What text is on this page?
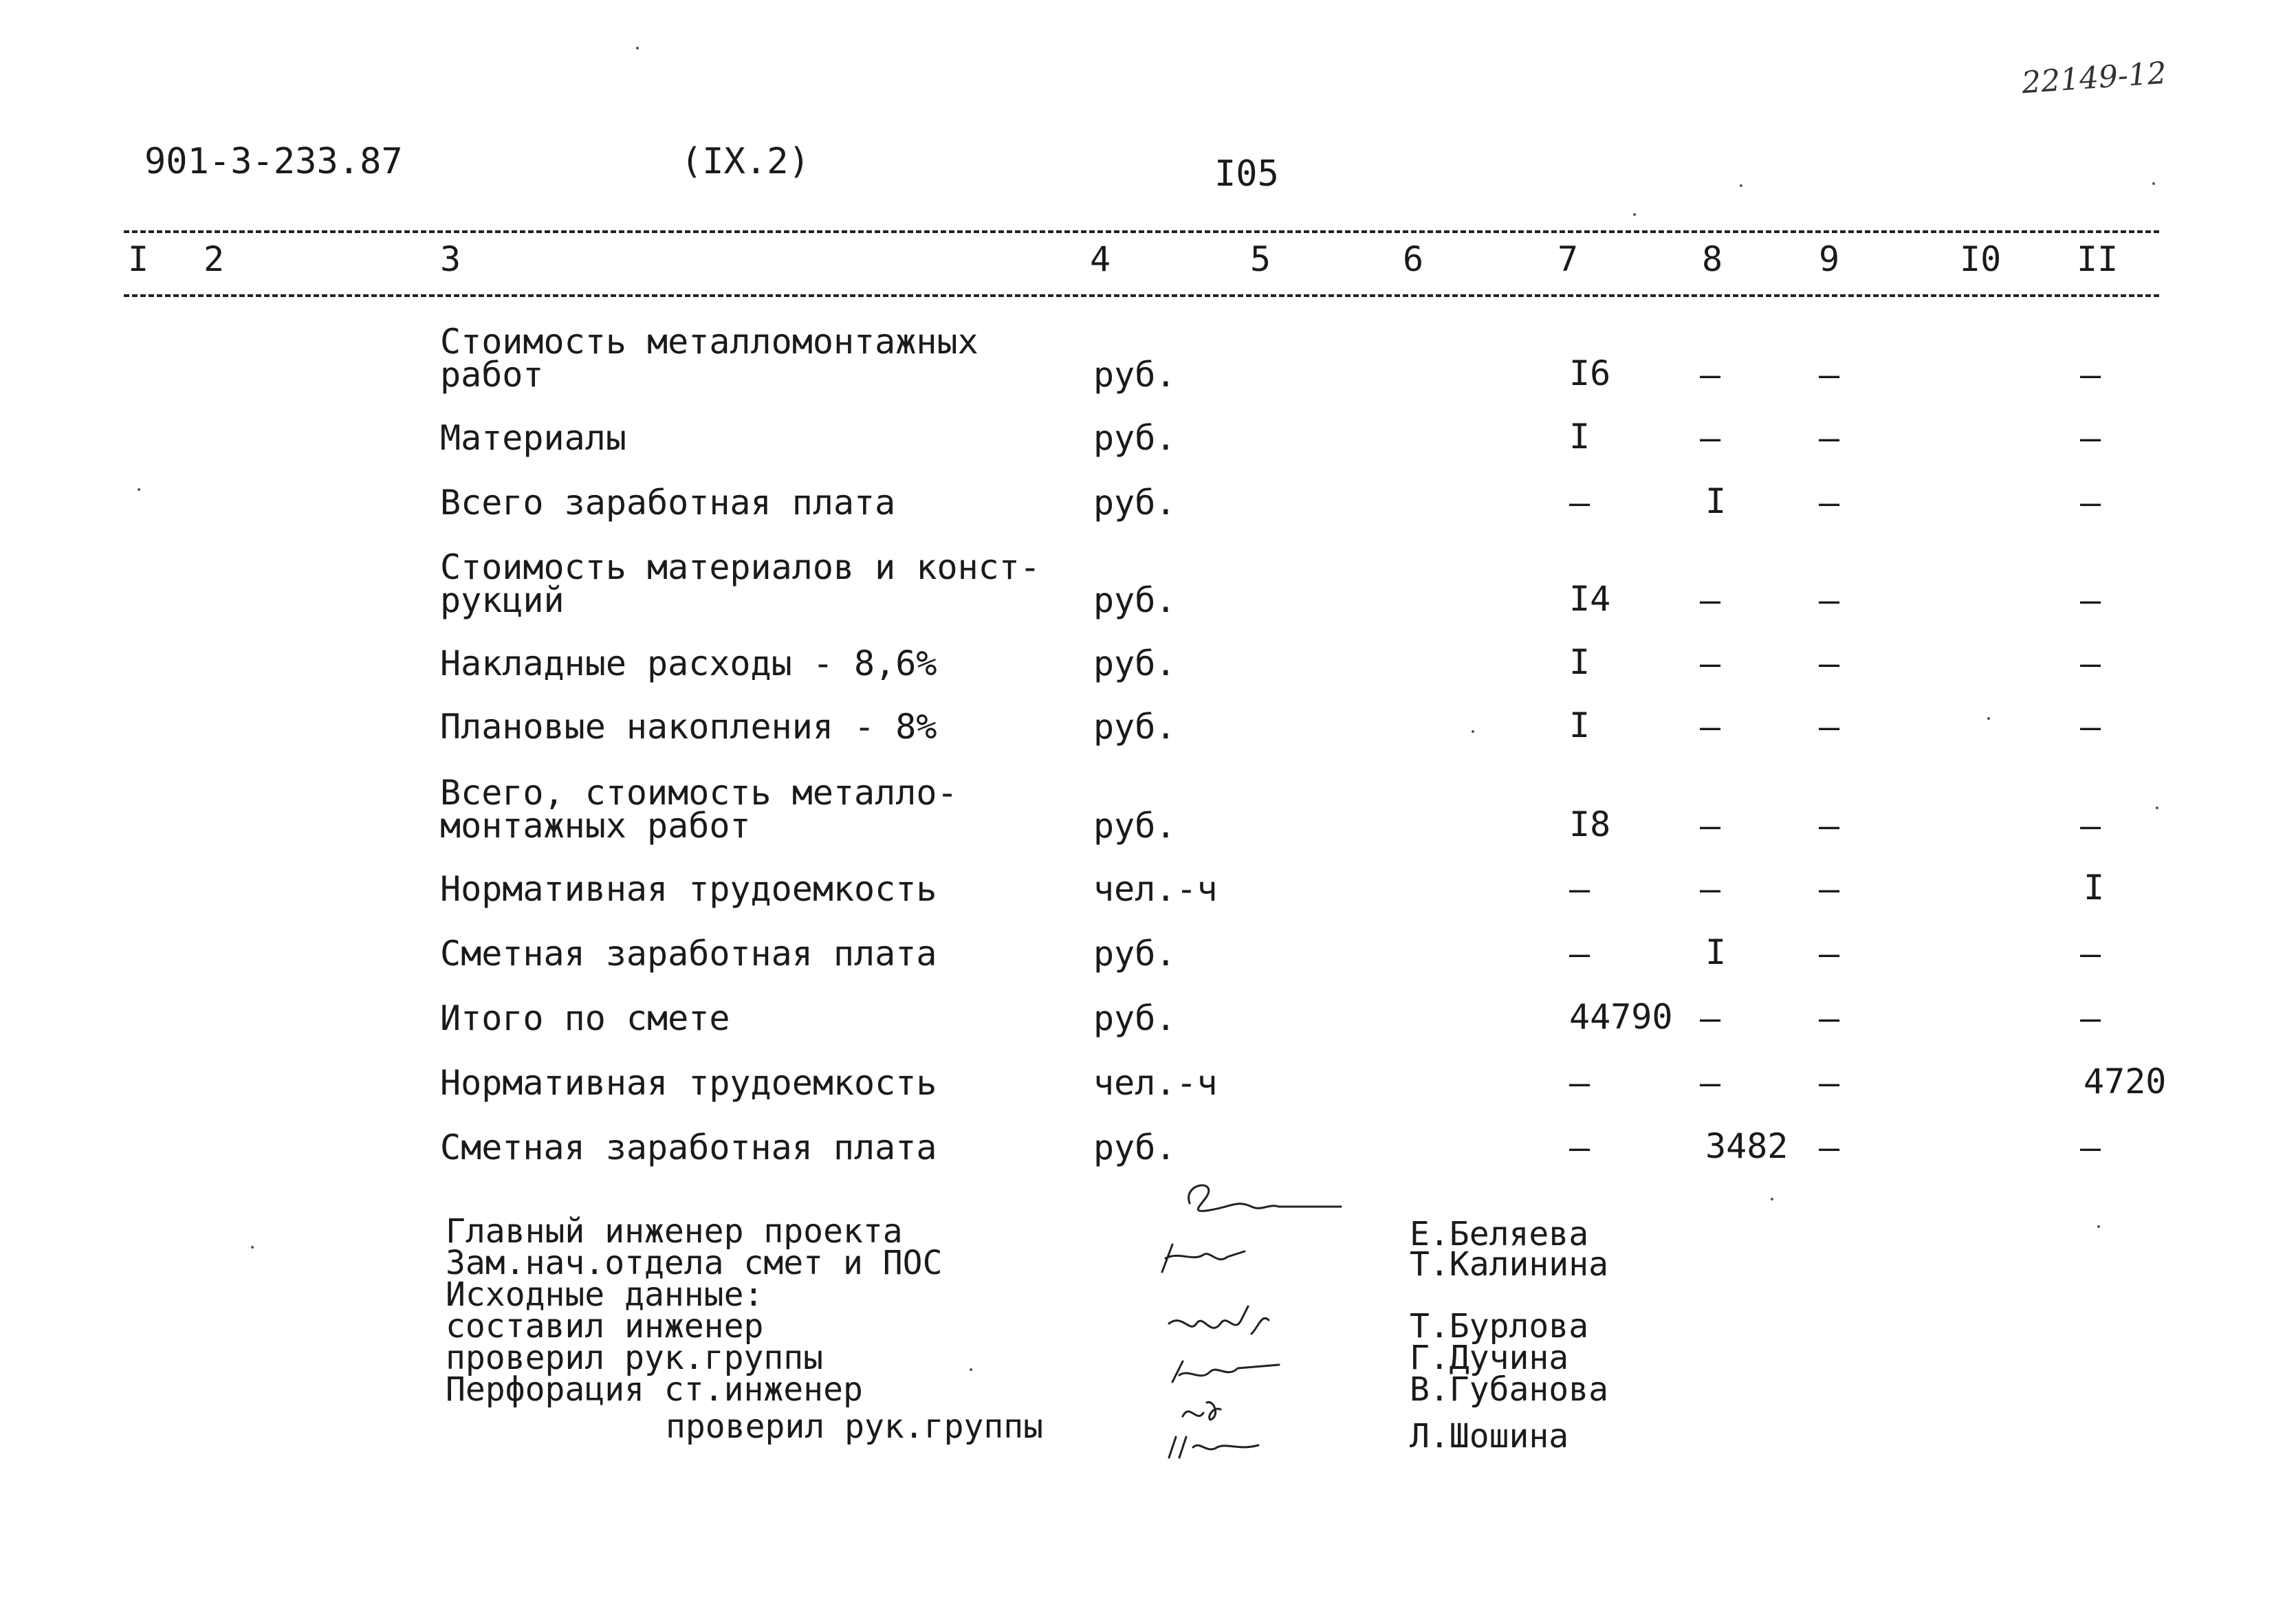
22149-12
901-3-233.87	(IX.2)	I05
I 2	3	4	5	6	7	8	9	I0 II
Стоимость металломонтажных
работ	руб.	I6	–	–	–
Материалы	руб.	I	–	–	–
Всего заработная плата	руб.	–	I	–	–
Стоимость материалов и конст-
рукций	руб.	I4	–	–	–
Накладные расходы - 8,6%	руб.	I	–	–	–
Плановые накопления - 8%	руб.	I	–	–	–
Всего, стоимость металло-
монтажных работ	руб.	I8	–	–	–
Нормативная трудоемкость	чел.-ч	–	–	–	I
Сметная заработная плата	руб.	–	I	–	–
Итого по смете	руб.	44790 –	–	–
Нормативная трудоемкость	чел.-ч	–	–	–	4720
Сметная заработная плата	руб.	–	3482 –	–
Главный инженер проекта
Зам.нач.отдела смет и ПОС
Исходные данные:
составил инженер
проверил рук.группы
Перфорация ст.инженер
проверил рук.группы
Е.Беляева
Т.Калинина
Т.Бурлова
Г.Дучина
В.Губанова
Л.Шошина
